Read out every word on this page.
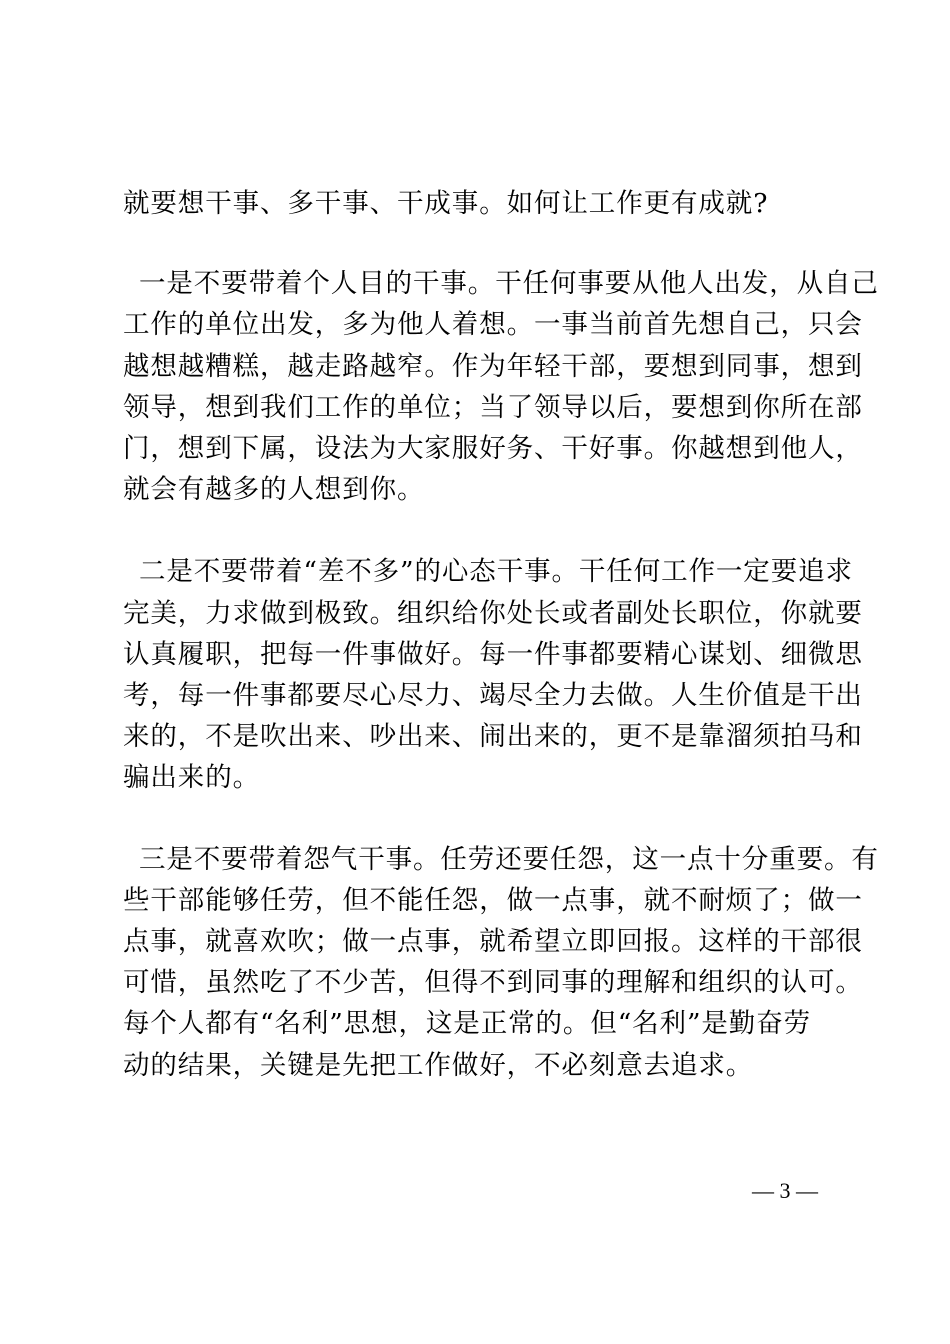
就要想干事、多干事、干成事。如何让工作更有成就?

一是不要带着个人目的干事。干任何事要从他人出发，从自己
工作的单位出发，多为他人着想。一事当前首先想自己，只会
越想越糟糕，越走路越窄。作为年轻干部，要想到同事，想到
领导，想到我们工作的单位；当了领导以后，要想到你所在部
门，想到下属，设法为大家服好务、干好事。你越想到他人，
就会有越多的人想到你。

二是不要带着“差不多”的心态干事。干任何工作一定要追求
完美，力求做到极致。组织给你处长或者副处长职位，你就要
认真履职，把每一件事做好。每一件事都要精心谋划、细微思
考，每一件事都要尽心尽力、竭尽全力去做。人生价值是干出
来的，不是吹出来、吵出来、闹出来的，更不是靠溜须拍马和
骗出来的。

三是不要带着怨气干事。任劳还要任怨，这一点十分重要。有
些干部能够任劳，但不能任怨，做一点事，就不耐烦了；做一
点事，就喜欢吹；做一点事，就希望立即回报。这样的干部很
可惜，虽然吃了不少苦，但得不到同事的理解和组织的认可。
每个人都有“名利”思想，这是正常的。但“名利”是勤奋劳
动的结果，关键是先把工作做好，不必刻意去追求。

— 3 —
